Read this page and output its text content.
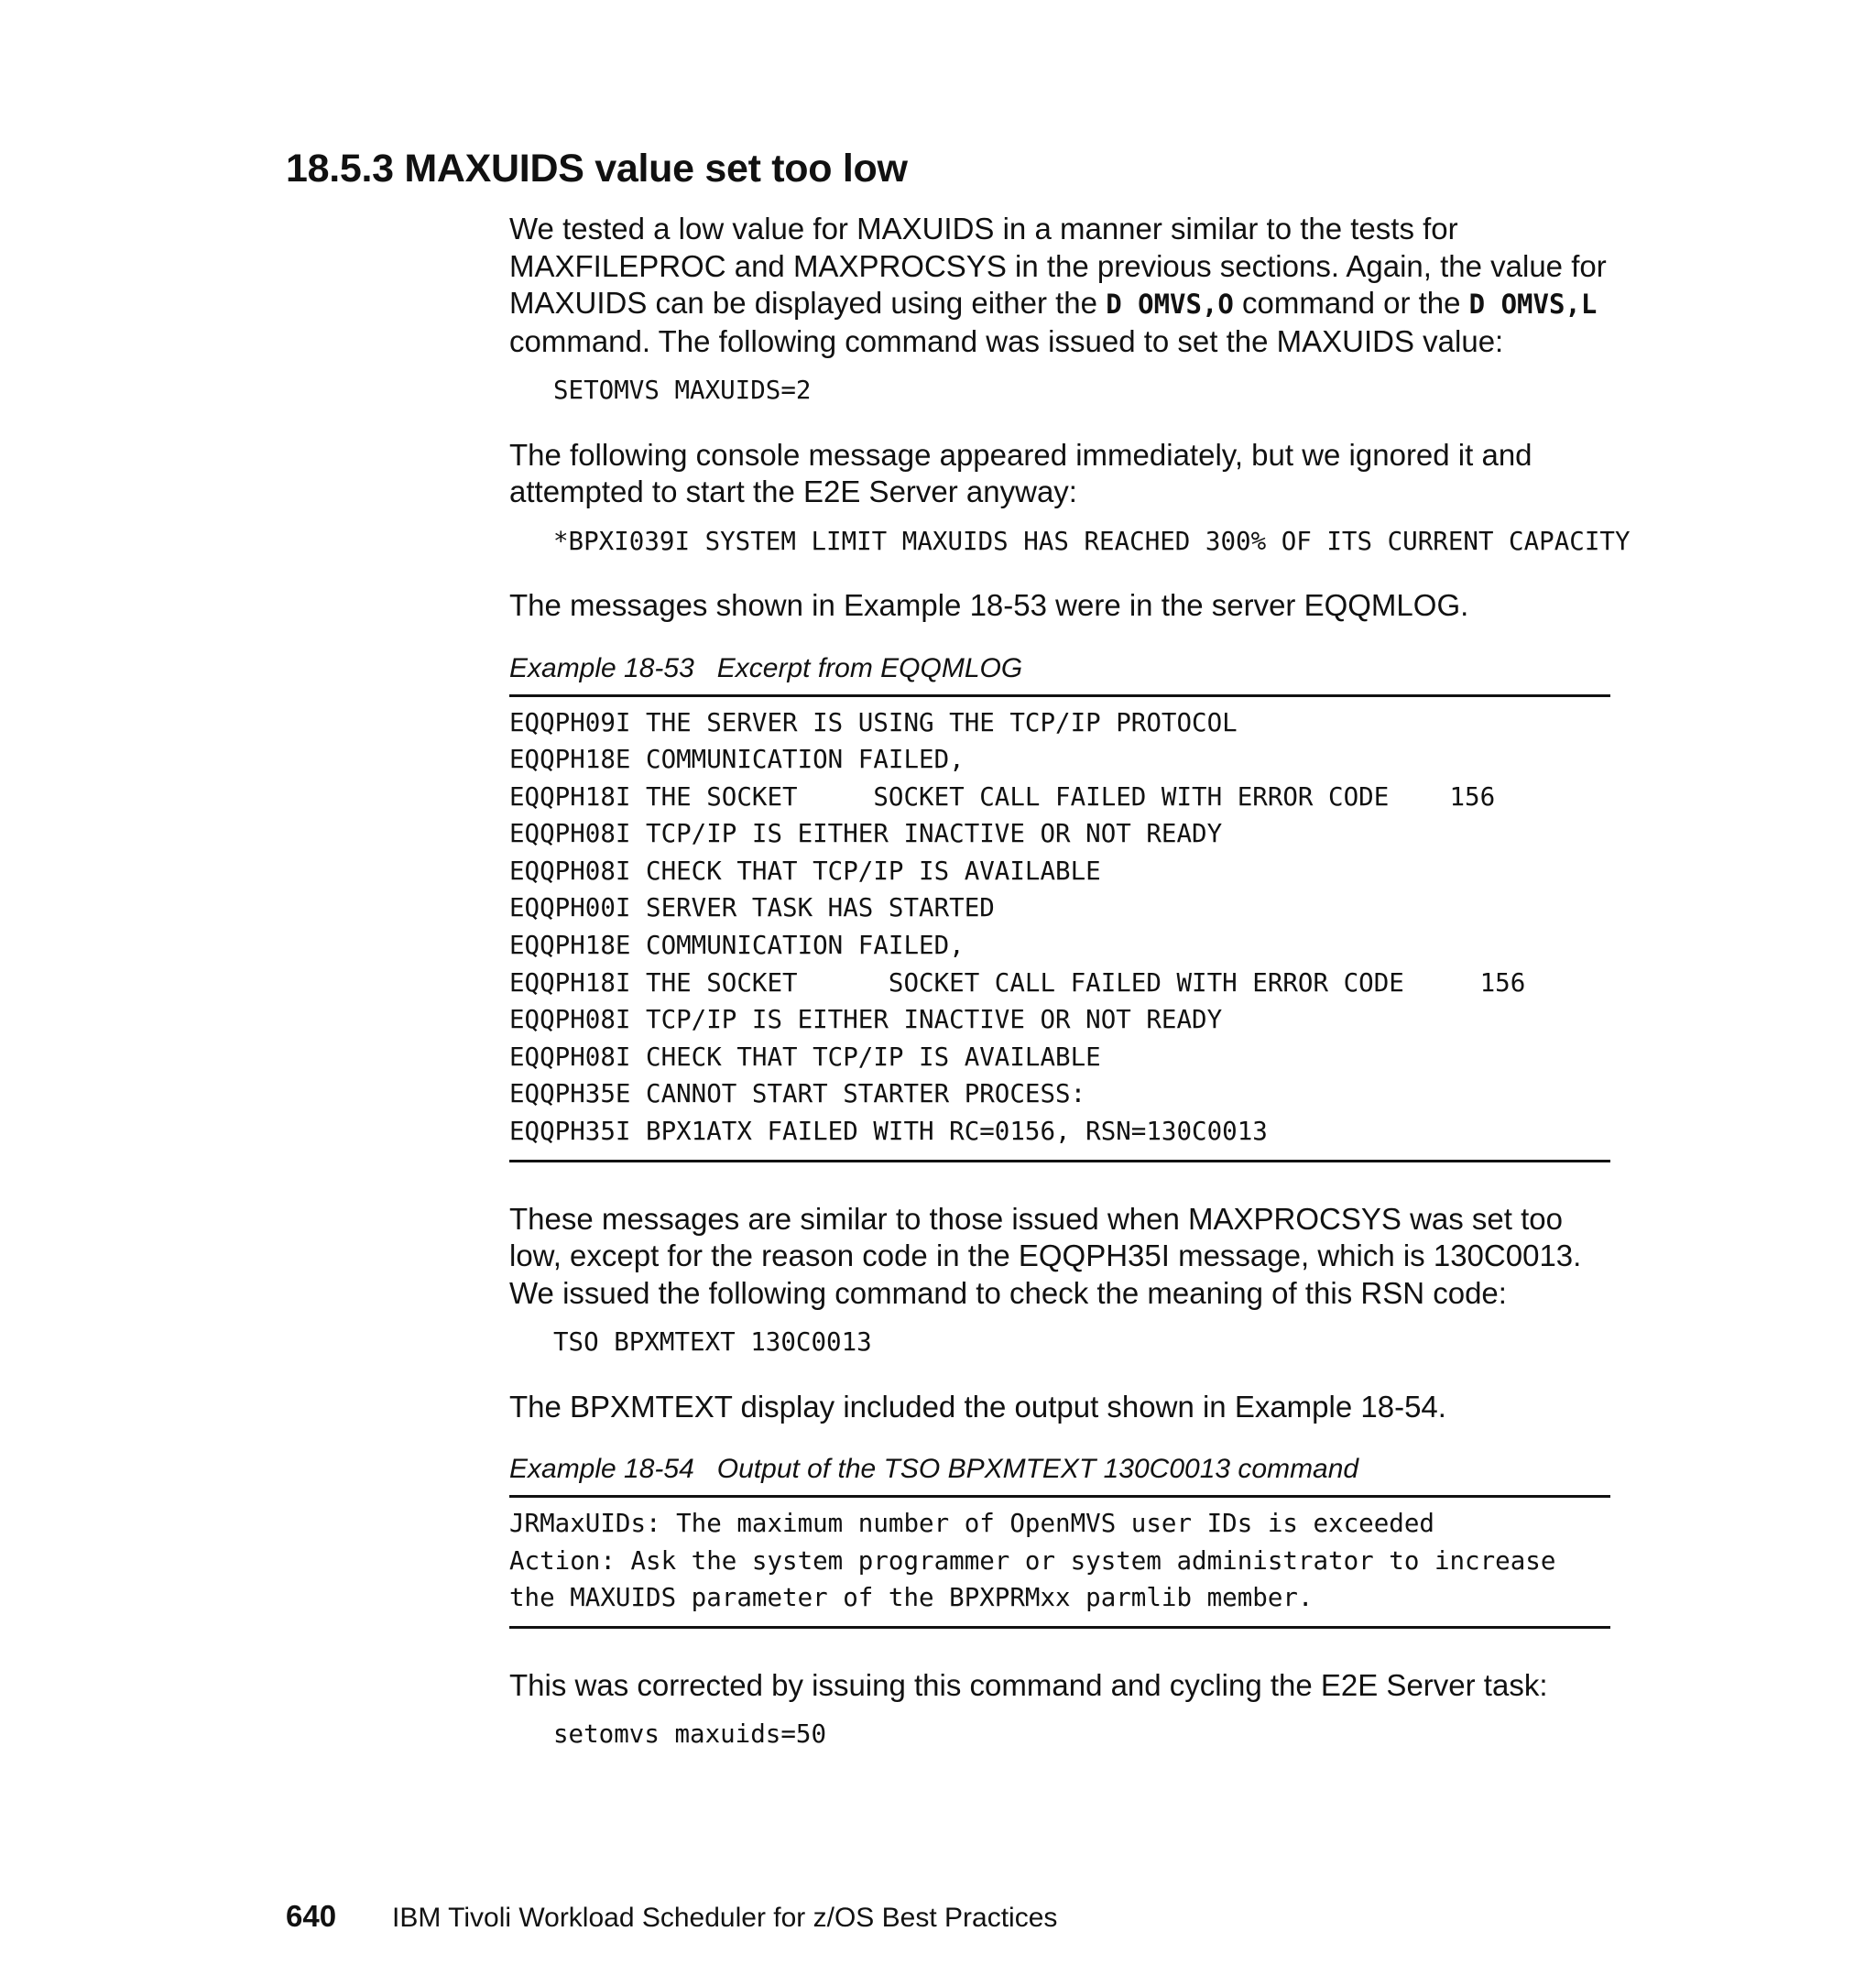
18.5.3 MAXUIDS value set too low

We tested a low value for MAXUIDS in a manner similar to the tests for MAXFILEPROC and MAXPROCSYS in the previous sections. Again, the value for MAXUIDS can be displayed using either the D OMVS,O command or the D OMVS,L command. The following command was issued to set the MAXUIDS value:

SETOMVS MAXUIDS=2

The following console message appeared immediately, but we ignored it and attempted to start the E2E Server anyway:

*BPXI039I SYSTEM LIMIT MAXUIDS HAS REACHED 300% OF ITS CURRENT CAPACITY

The messages shown in Example 18-53 were in the server EQQMLOG.

Example 18-53   Excerpt from EQQMLOG

EQQPH09I THE SERVER IS USING THE TCP/IP PROTOCOL

EQQPH18E COMMUNICATION FAILED,

EQQPH18I THE SOCKET     SOCKET CALL FAILED WITH ERROR CODE    156

EQQPH08I TCP/IP IS EITHER INACTIVE OR NOT READY

EQQPH08I CHECK THAT TCP/IP IS AVAILABLE

EQQPH00I SERVER TASK HAS STARTED

EQQPH18E COMMUNICATION FAILED,

EQQPH18I THE SOCKET      SOCKET CALL FAILED WITH ERROR CODE     156

EQQPH08I TCP/IP IS EITHER INACTIVE OR NOT READY

EQQPH08I CHECK THAT TCP/IP IS AVAILABLE

EQQPH35E CANNOT START STARTER PROCESS:

EQQPH35I BPX1ATX FAILED WITH RC=0156, RSN=130C0013

These messages are similar to those issued when MAXPROCSYS was set too low, except for the reason code in the EQQPH35I message, which is 130C0013. We issued the following command to check the meaning of this RSN code:

TSO BPXMTEXT 130C0013

The BPXMTEXT display included the output shown in Example 18-54.

Example 18-54   Output of the TSO BPXMTEXT 130C0013 command

JRMaxUIDs: The maximum number of OpenMVS user IDs is exceeded

Action: Ask the system programmer or system administrator to increase

the MAXUIDS parameter of the BPXPRMxx parmlib member.

This was corrected by issuing this command and cycling the E2E Server task:

setomvs maxuids=50

640 IBM Tivoli Workload Scheduler for z/OS Best Practices
